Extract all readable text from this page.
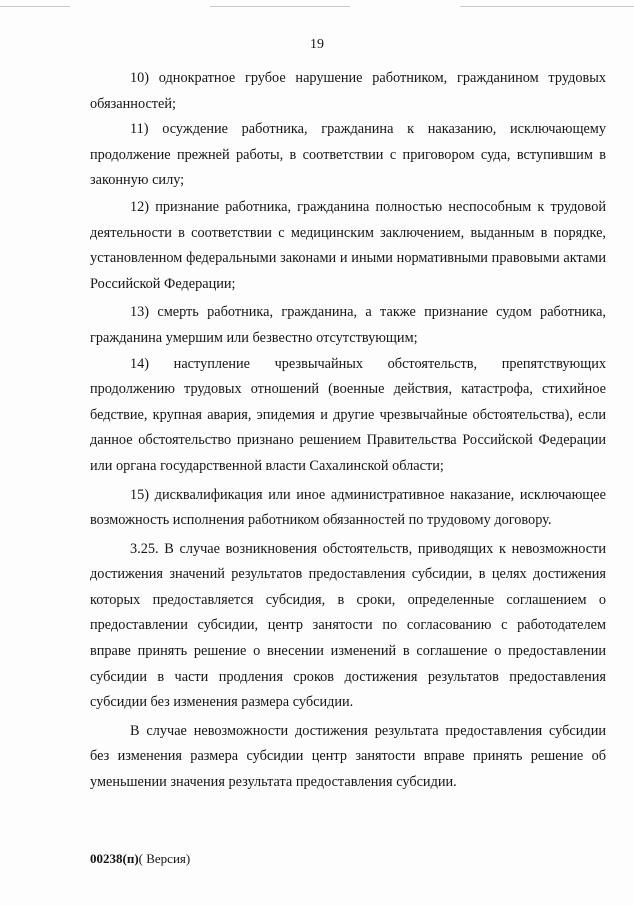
19

10) однократное грубое нарушение работником, гражданином трудовых обязанностей;

11) осуждение работника, гражданина к наказанию, исключающему продолжение прежней работы, в соответствии с приговором суда, вступившим в законную силу;

12) признание работника, гражданина полностью неспособным к трудовой деятельности в соответствии с медицинским заключением, выданным в порядке, установленном федеральными законами и иными нормативными правовыми актами Российской Федерации;

13) смерть работника, гражданина, а также признание судом работника, гражданина умершим или безвестно отсутствующим;

14) наступление чрезвычайных обстоятельств, препятствующих продолжению трудовых отношений (военные действия, катастрофа, стихийное бедствие, крупная авария, эпидемия и другие чрезвычайные обстоятельства), если данное обстоятельство признано решением Правительства Российской Федерации или органа государственной власти Сахалинской области;

15) дисквалификация или иное административное наказание, исключающее возможность исполнения работником обязанностей по трудовому договору.

3.25. В случае возникновения обстоятельств, приводящих к невозможности достижения значений результатов предоставления субсидии, в целях достижения которых предоставляется субсидия, в сроки, определенные соглашением о предоставлении субсидии, центр занятости по согласованию с работодателем вправе принять решение о внесении изменений в соглашение о предоставлении субсидии в части продления сроков достижения результатов предоставления субсидии без изменения размера субсидии.

В случае невозможности достижения результата предоставления субсидии без изменения размера субсидии центр занятости вправе принять решение об уменьшении значения результата предоставления субсидии.

00238(п)( Версия)
